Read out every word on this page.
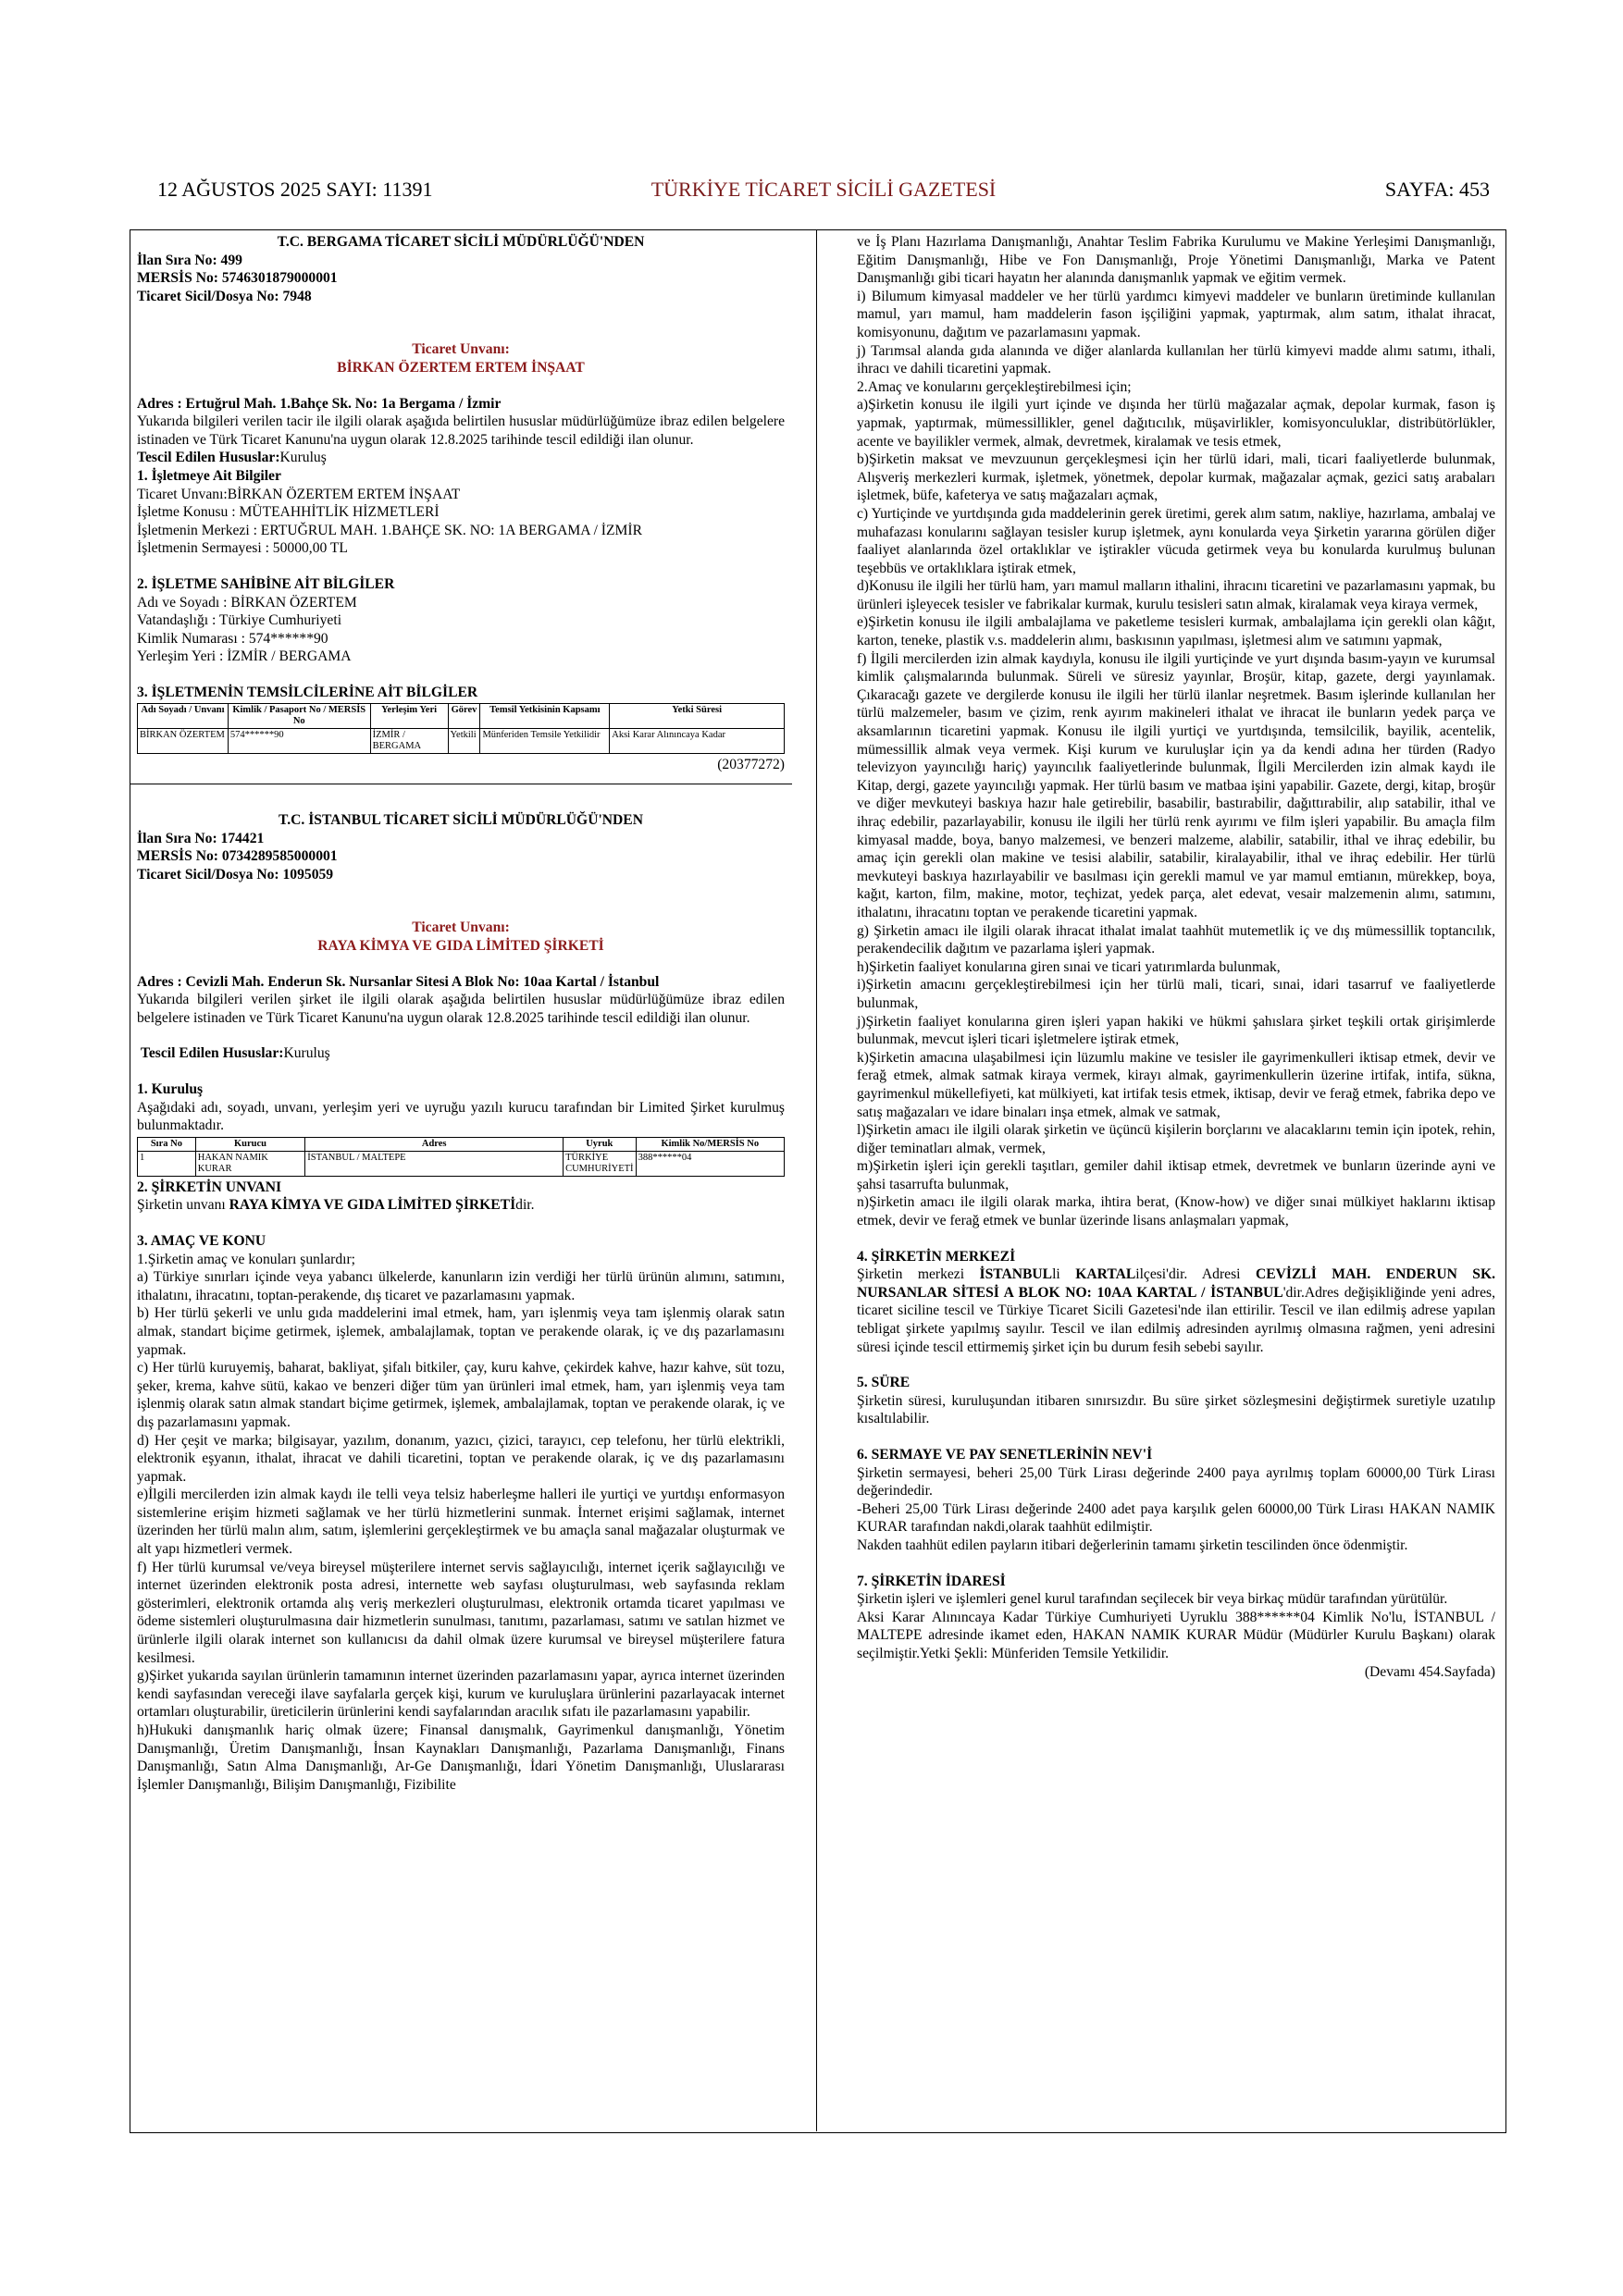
12 AĞUSTOS 2025 SAYI: 11391	TÜRKİYE TİCARET SİCİLİ GAZETESİ	SAYFA: 453

T.C. BERGAMA TİCARET SİCİLİ MÜDÜRLÜĞÜ'NDEN

İlan Sıra No: 499

MERSİS No: 5746301879000001

Ticaret Sicil/Dosya No: 7948

Ticaret Unvanı:

BİRKAN ÖZERTEM ERTEM İNŞAAT

Adres : Ertuğrul Mah. 1.Bahçe Sk. No: 1a Bergama / İzmir

Yukarıda bilgileri verilen tacir ile ilgili olarak aşağıda belirtilen hususlar müdürlüğümüze ibraz edilen belgelere istinaden ve Türk Ticaret Kanunu'na uygun olarak 12.8.2025 tarihinde tescil edildiği ilan olunur.

Tescil Edilen Hususlar:Kuruluş

1. İşletmeye Ait Bilgiler

Ticaret Unvanı:BİRKAN ÖZERTEM ERTEM İNŞAAT

İşletme Konusu : MÜTEAHHİTLİK HİZMETLERİ

İşletmenin Merkezi : ERTUĞRUL MAH. 1.BAHÇE SK. NO: 1A BERGAMA / İZMİR

İşletmenin Sermayesi : 50000,00 TL

2. İŞLETME SAHİBİNE AİT BİLGİLER

Adı ve Soyadı : BİRKAN ÖZERTEM

Vatandaşlığı : Türkiye Cumhuriyeti

Kimlik Numarası : 574******90

Yerleşim Yeri : İZMİR / BERGAMA

3. İŞLETMENİN TEMSİLCİLERİNE AİT BİLGİLER

Adı Soyadı / Unvanı	Kimlik / Pasaport No / MERSİS No	Yerleşim Yeri	Görev	Temsil Yetkisinin Kapsamı	Yetki Süresi
BİRKAN ÖZERTEM	574******90	İZMİR / BERGAMA	Yetkili	Münferiden Temsile Yetkilidir	Aksi Karar Alınıncaya Kadar

(20377272)

T.C. İSTANBUL TİCARET SİCİLİ MÜDÜRLÜĞÜ'NDEN

İlan Sıra No: 174421

MERSİS No: 0734289585000001

Ticaret Sicil/Dosya No: 1095059

Ticaret Unvanı:

RAYA KİMYA VE GIDA LİMİTED ŞİRKETİ

Adres : Cevizli Mah. Enderun Sk. Nursanlar Sitesi A Blok No: 10aa Kartal / İstanbul

Yukarıda bilgileri verilen şirket ile ilgili olarak aşağıda belirtilen hususlar müdürlüğümüze ibraz edilen belgelere istinaden ve Türk Ticaret Kanunu'na uygun olarak 12.8.2025 tarihinde tescil edildiği ilan olunur.

Tescil Edilen Hususlar:Kuruluş

1. Kuruluş

Aşağıdaki adı, soyadı, unvanı, yerleşim yeri ve uyruğu yazılı kurucu tarafından bir Limited Şirket kurulmuş bulunmaktadır.

Sıra No	Kurucu	Adres	Uyruk	Kimlik No/MERSİS No
1	HAKAN NAMIK KURAR	İSTANBUL / MALTEPE	TÜRKİYE CUMHURİYETİ	388******04

2. ŞİRKETİN UNVANI

Şirketin unvanı RAYA KİMYA VE GIDA LİMİTED ŞİRKETİdir.

3. AMAÇ VE KONU

1.Şirketin amaç ve konuları şunlardır;

a) Türkiye sınırları içinde veya yabancı ülkelerde, kanunların izin verdiği her türlü ürünün alımını, satımını, ithalatını, ihracatını, toptan-perakende, dış ticaret ve pazarlamasını yapmak.

b) Her türlü şekerli ve unlu gıda maddelerini imal etmek, ham, yarı işlenmiş veya tam işlenmiş olarak satın almak, standart biçime getirmek, işlemek, ambalajlamak, toptan ve perakende olarak, iç ve dış pazarlamasını yapmak.

c) Her türlü kuruyemiş, baharat, bakliyat, şifalı bitkiler, çay, kuru kahve, çekirdek kahve, hazır kahve, süt tozu, şeker, krema, kahve sütü, kakao ve benzeri diğer tüm yan ürünleri imal etmek, ham, yarı işlenmiş veya tam işlenmiş olarak satın almak standart biçime getirmek, işlemek, ambalajlamak, toptan ve perakende olarak, iç ve dış pazarlamasını yapmak.

d) Her çeşit ve marka; bilgisayar, yazılım, donanım, yazıcı, çizici, tarayıcı, cep telefonu, her türlü elektrikli, elektronik eşyanın, ithalat, ihracat ve dahili ticaretini, toptan ve perakende olarak, iç ve dış pazarlamasını yapmak.

e)İlgili mercilerden izin almak kaydı ile telli veya telsiz haberleşme halleri ile yurtiçi ve yurtdışı enformasyon sistemlerine erişim hizmeti sağlamak ve her türlü hizmetlerini sunmak. İnternet erişimi sağlamak, internet üzerinden her türlü malın alım, satım, işlemlerini gerçekleştirmek ve bu amaçla sanal mağazalar oluşturmak ve alt yapı hizmetleri vermek.

f) Her türlü kurumsal ve/veya bireysel müşterilere internet servis sağlayıcılığı, internet içerik sağlayıcılığı ve internet üzerinden elektronik posta adresi, internette web sayfası oluşturulması, web sayfasında reklam gösterimleri, elektronik ortamda alış veriş merkezleri oluşturulması, elektronik ortamda ticaret yapılması ve ödeme sistemleri oluşturulmasına dair hizmetlerin sunulması, tanıtımı, pazarlaması, satımı ve satılan hizmet ve ürünlerle ilgili olarak internet son kullanıcısı da dahil olmak üzere kurumsal ve bireysel müşterilere fatura kesilmesi.

g)Şirket yukarıda sayılan ürünlerin tamamının internet üzerinden pazarlamasını yapar, ayrıca internet üzerinden kendi sayfasından vereceği ilave sayfalarla gerçek kişi, kurum ve kuruluşlara ürünlerini pazarlayacak internet ortamları oluşturabilir, üreticilerin ürünlerini kendi sayfalarından aracılık sıfatı ile pazarlamasını yapabilir.

h)Hukuki danışmanlık hariç olmak üzere; Finansal danışmalık, Gayrimenkul danışmanlığı, Yönetim Danışmanlığı, Üretim Danışmanlığı, İnsan Kaynakları Danışmanlığı, Pazarlama Danışmanlığı, Finans Danışmanlığı, Satın Alma Danışmanlığı, Ar-Ge Danışmanlığı, İdari Yönetim Danışmanlığı, Uluslararası İşlemler Danışmanlığı, Bilişim Danışmanlığı, Fizibilite

ve İş Planı Hazırlama Danışmanlığı, Anahtar Teslim Fabrika Kurulumu ve Makine Yerleşimi Danışmanlığı, Eğitim Danışmanlığı, Hibe ve Fon Danışmanlığı, Proje Yönetimi Danışmanlığı, Marka ve Patent Danışmanlığı gibi ticari hayatın her alanında danışmanlık yapmak ve eğitim vermek.

i) Bilumum kimyasal maddeler ve her türlü yardımcı kimyevi maddeler ve bunların üretiminde kullanılan mamul, yarı mamul, ham maddelerin fason işçiliğini yapmak, yaptırmak, alım satım, ithalat ihracat, komisyonunu, dağıtım ve pazarlamasını yapmak.

j) Tarımsal alanda gıda alanında ve diğer alanlarda kullanılan her türlü kimyevi madde alımı satımı, ithali, ihracı ve dahili ticaretini yapmak.

2.Amaç ve konularını gerçekleştirebilmesi için;

a)Şirketin konusu ile ilgili yurt içinde ve dışında her türlü mağazalar açmak, depolar kurmak, fason iş yapmak, yaptırmak, mümessillikler, genel dağıtıcılık, müşavirlikler, komisyonculuklar, distribütörlükler, acente ve bayilikler vermek, almak, devretmek, kiralamak ve tesis etmek,

b)Şirketin maksat ve mevzuunun gerçekleşmesi için her türlü idari, mali, ticari faaliyetlerde bulunmak, Alışveriş merkezleri kurmak, işletmek, yönetmek, depolar kurmak, mağazalar açmak, gezici satış arabaları işletmek, büfe, kafeterya ve satış mağazaları açmak,

c) Yurtiçinde ve yurtdışında gıda maddelerinin gerek üretimi, gerek alım satım, nakliye, hazırlama, ambalaj ve muhafazası konularını sağlayan tesisler kurup işletmek, aynı konularda veya Şirketin yararına görülen diğer faaliyet alanlarında özel ortaklıklar ve iştirakler vücuda getirmek veya bu konularda kurulmuş bulunan teşebbüs ve ortaklıklara iştirak etmek,

d)Konusu ile ilgili her türlü ham, yarı mamul malların ithalini, ihracını ticaretini ve pazarlamasını yapmak, bu ürünleri işleyecek tesisler ve fabrikalar kurmak, kurulu tesisleri satın almak, kiralamak veya kiraya vermek,

e)Şirketin konusu ile ilgili ambalajlama ve paketleme tesisleri kurmak, ambalajlama için gerekli olan kâğıt, karton, teneke, plastik v.s. maddelerin alımı, baskısının yapılması, işletmesi alım ve satımını yapmak,

f) İlgili mercilerden izin almak kaydıyla, konusu ile ilgili yurtiçinde ve yurt dışında basım-yayın ve kurumsal kimlik çalışmalarında bulunmak. Süreli ve süresiz yayınlar, Broşür, kitap, gazete, dergi yayınlamak. Çıkaracağı gazete ve dergilerde konusu ile ilgili her türlü ilanlar neşretmek. Basım işlerinde kullanılan her türlü malzemeler, basım ve çizim, renk ayırım makineleri ithalat ve ihracat ile bunların yedek parça ve aksamlarının ticaretini yapmak. Konusu ile ilgili yurtiçi ve yurtdışında, temsilcilik, bayilik, acentelik, mümessillik almak veya vermek. Kişi kurum ve kuruluşlar için ya da kendi adına her türden (Radyo televizyon yayıncılığı hariç) yayıncılık faaliyetlerinde bulunmak, İlgili Mercilerden izin almak kaydı ile Kitap, dergi, gazete yayıncılığı yapmak. Her türlü basım ve matbaa işini yapabilir. Gazete, dergi, kitap, broşür ve diğer mevkuteyi baskıya hazır hale getirebilir, basabilir, bastırabilir, dağıttırabilir, alıp satabilir, ithal ve ihraç edebilir, pazarlayabilir, konusu ile ilgili her türlü renk ayırımı ve film işleri yapabilir. Bu amaçla film kimyasal madde, boya, banyo malzemesi, ve benzeri malzeme, alabilir, satabilir, ithal ve ihraç edebilir, bu amaç için gerekli olan makine ve tesisi alabilir, satabilir, kiralayabilir, ithal ve ihraç edebilir. Her türlü mevkuteyi baskıya hazırlayabilir ve basılması için gerekli mamul ve yar mamul emtianın, mürekkep, boya, kağıt, karton, film, makine, motor, teçhizat, yedek parça, alet edevat, vesair malzemenin alımı, satımını, ithalatını, ihracatını toptan ve perakende ticaretini yapmak.

g) Şirketin amacı ile ilgili olarak ihracat ithalat imalat taahhüt mutemetlik iç ve dış mümessillik toptancılık, perakendecilik dağıtım ve pazarlama işleri yapmak.

h)Şirketin faaliyet konularına giren sınai ve ticari yatırımlarda bulunmak,

i)Şirketin amacını gerçekleştirebilmesi için her türlü mali, ticari, sınai, idari tasarruf ve faaliyetlerde bulunmak,

j)Şirketin faaliyet konularına giren işleri yapan hakiki ve hükmi şahıslara şirket teşkili ortak girişimlerde bulunmak, mevcut işleri ticari işletmelere iştirak etmek,

k)Şirketin amacına ulaşabilmesi için lüzumlu makine ve tesisler ile gayrimenkulleri iktisap etmek, devir ve ferağ etmek, almak satmak kiraya vermek, kirayı almak, gayrimenkullerin üzerine irtifak, intifa, sükna, gayrimenkul mükellefiyeti, kat mülkiyeti, kat irtifak tesis etmek, iktisap, devir ve ferağ etmek, fabrika depo ve satış mağazaları ve idare binaları inşa etmek, almak ve satmak,

l)Şirketin amacı ile ilgili olarak şirketin ve üçüncü kişilerin borçlarını ve alacaklarını temin için ipotek, rehin, diğer teminatları almak, vermek,

m)Şirketin işleri için gerekli taşıtları, gemiler dahil iktisap etmek, devretmek ve bunların üzerinde ayni ve şahsi tasarrufta bulunmak,

n)Şirketin amacı ile ilgili olarak marka, ihtira berat, (Know-how) ve diğer sınai mülkiyet haklarını iktisap etmek, devir ve ferağ etmek ve bunlar üzerinde lisans anlaşmaları yapmak,

4. ŞİRKETİN MERKEZİ

Şirketin merkezi İSTANBULli KARTALilçesi'dir. Adresi CEVİZLİ MAH. ENDERUN SK. NURSANLAR SİTESİ A BLOK NO: 10AA KARTAL / İSTANBUL'dir.Adres değişikliğinde yeni adres, ticaret siciline tescil ve Türkiye Ticaret Sicili Gazetesi'nde ilan ettirilir. Tescil ve ilan edilmiş adrese yapılan tebligat şirkete yapılmış sayılır. Tescil ve ilan edilmiş adresinden ayrılmış olmasına rağmen, yeni adresini süresi içinde tescil ettirmemiş şirket için bu durum fesih sebebi sayılır.

5. SÜRE

Şirketin süresi, kuruluşundan itibaren sınırsızdır. Bu süre şirket sözleşmesini değiştirmek suretiyle uzatılıp kısaltılabilir.

6. SERMAYE VE PAY SENETLERİNİN NEV'İ

Şirketin sermayesi, beheri 25,00 Türk Lirası değerinde 2400 paya ayrılmış toplam 60000,00 Türk Lirası değerindedir.

-Beheri 25,00 Türk Lirası değerinde 2400 adet paya karşılık gelen 60000,00 Türk Lirası HAKAN NAMIK KURAR tarafından nakdi,olarak taahhüt edilmiştir.

Nakden taahhüt edilen payların itibari değerlerinin tamamı şirketin tescilinden önce ödenmiştir.

7. ŞİRKETİN İDARESİ

Şirketin işleri ve işlemleri genel kurul tarafından seçilecek bir veya birkaç müdür tarafından yürütülür.

Aksi Karar Alınıncaya Kadar Türkiye Cumhuriyeti Uyruklu 388******04 Kimlik No'lu, İSTANBUL / MALTEPE adresinde ikamet eden, HAKAN NAMIK KURAR Müdür (Müdürler Kurulu Başkanı) olarak seçilmiştir.Yetki Şekli: Münferiden Temsile Yetkilidir.

(Devamı 454.Sayfada)
